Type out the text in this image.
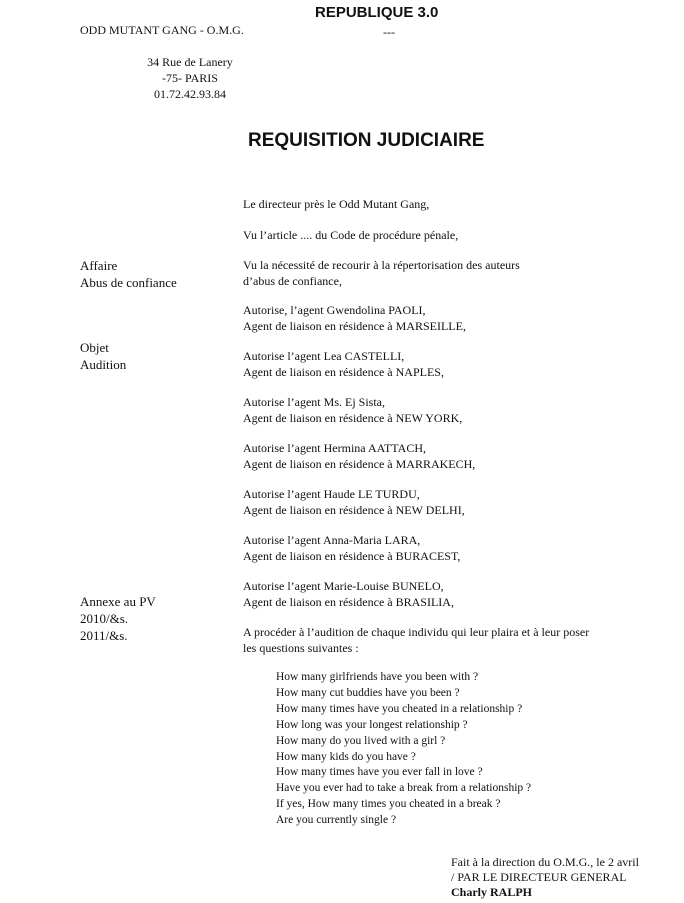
ODD MUTANT GANG - O.M.G.
REPUBLIQUE 3.0
---
34 Rue de Lanery
-75- PARIS
01.72.42.93.84
REQUISITION JUDICIAIRE
Affaire
Abus de confiance
Objet
Audition
Annexe au PV
2010/&s.
2011/&s.
Le directeur près le Odd Mutant Gang,
Vu l’article .... du Code de procédure pénale,
Vu la nécessité de recourir à la répertorisation des auteurs
d’abus de confiance,
Autorise, l’agent Gwendolina PAOLI,
Agent de liaison en résidence à MARSEILLE,
Autorise l’agent Lea CASTELLI,
Agent de liaison en résidence à NAPLES,
Autorise l’agent Ms. Ej Sista,
Agent de liaison en résidence à NEW YORK,
Autorise l’agent Hermina AATTACH,
Agent de liaison en résidence à MARRAKECH,
Autorise l’agent Haude LE TURDU,
Agent de liaison en résidence à NEW DELHI,
Autorise l’agent Anna-Maria LARA,
Agent de liaison en résidence à BURACEST,
Autorise l’agent Marie-Louise BUNELO,
Agent de liaison en résidence à BRASILIA,
A procéder à l’audition de chaque individu qui leur plaira et à leur poser
les questions suivantes :
How many girlfriends have you been with ?
How many cut buddies have you been ?
How many times have you cheated in a relationship ?
How long was your longest relationship ?
How many do you lived with a girl ?
How many kids do you have ?
How many times have you ever fall in love ?
Have you ever had to take a break from a relationship ?
If yes, How many times you cheated in a break ?
Are you currently single ?
Fait à la direction du O.M.G., le 2 avril
/ PAR LE DIRECTEUR GENERAL
Charly RALPH
